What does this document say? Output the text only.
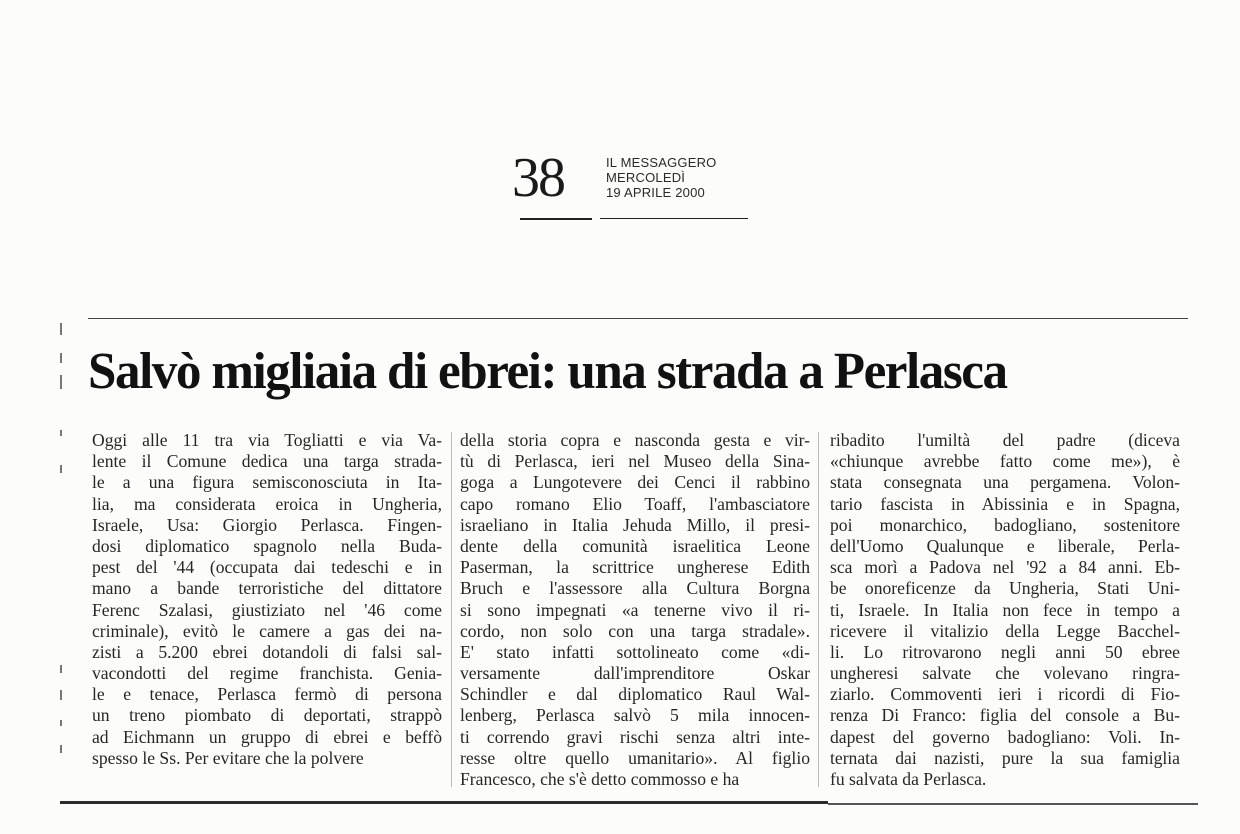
38	IL MESSAGGERO
MERCOLEDÌ
19 APRILE 2000
Salvò migliaia di ebrei: una strada a Perlasca
Oggi alle 11 tra via Togliatti e via Va-
lente il Comune dedica una targa strada-
le a una figura semisconosciuta in Ita-
lia, ma considerata eroica in Ungheria,
Israele, Usa: Giorgio Perlasca. Fingen-
dosi diplomatico spagnolo nella Buda-
pest del '44 (occupata dai tedeschi e in
mano a bande terroristiche del dittatore
Ferenc Szalasi, giustiziato nel '46 come
criminale), evitò le camere a gas dei na-
zisti a 5.200 ebrei dotandoli di falsi sal-
vacondotti del regime franchista. Genia-
le e tenace, Perlasca fermò di persona
un treno piombato di deportati, strappò
ad Eichmann un gruppo di ebrei e beffò
spesso le Ss. Per evitare che la polvere
della storia copra e nasconda gesta e vir-
tù di Perlasca, ieri nel Museo della Sina-
goga a Lungotevere dei Cenci il rabbino
capo romano Elio Toaff, l'ambasciatore
israeliano in Italia Jehuda Millo, il presi-
dente della comunità israelitica Leone
Paserman, la scrittrice ungherese Edith
Bruch e l'assessore alla Cultura Borgna
si sono impegnati «a tenerne vivo il ri-
cordo, non solo con una targa stradale».
E' stato infatti sottolineato come «di-
versamente dall'imprenditore Oskar
Schindler e dal diplomatico Raul Wal-
lenberg, Perlasca salvò 5 mila innocen-
ti correndo gravi rischi senza altri inte-
resse oltre quello umanitario». Al figlio
Francesco, che s'è detto commosso e ha
ribadito l'umiltà del padre (diceva
«chiunque avrebbe fatto come me»), è
stata consegnata una pergamena. Volon-
tario fascista in Abissinia e in Spagna,
poi monarchico, badogliano, sostenitore
dell'Uomo Qualunque e liberale, Perla-
sca morì a Padova nel '92 a 84 anni. Eb-
be onoreficenze da Ungheria, Stati Uni-
ti, Israele. In Italia non fece in tempo a
ricevere il vitalizio della Legge Bacchel-
li. Lo ritrovarono negli anni 50 ebree
ungheresi salvate che volevano ringra-
ziarlo. Commoventi ieri i ricordi di Fio-
renza Di Franco: figlia del console a Bu-
dapest del governo badogliano: Voli. In-
ternata dai nazisti, pure la sua famiglia
fu salvata da Perlasca.
